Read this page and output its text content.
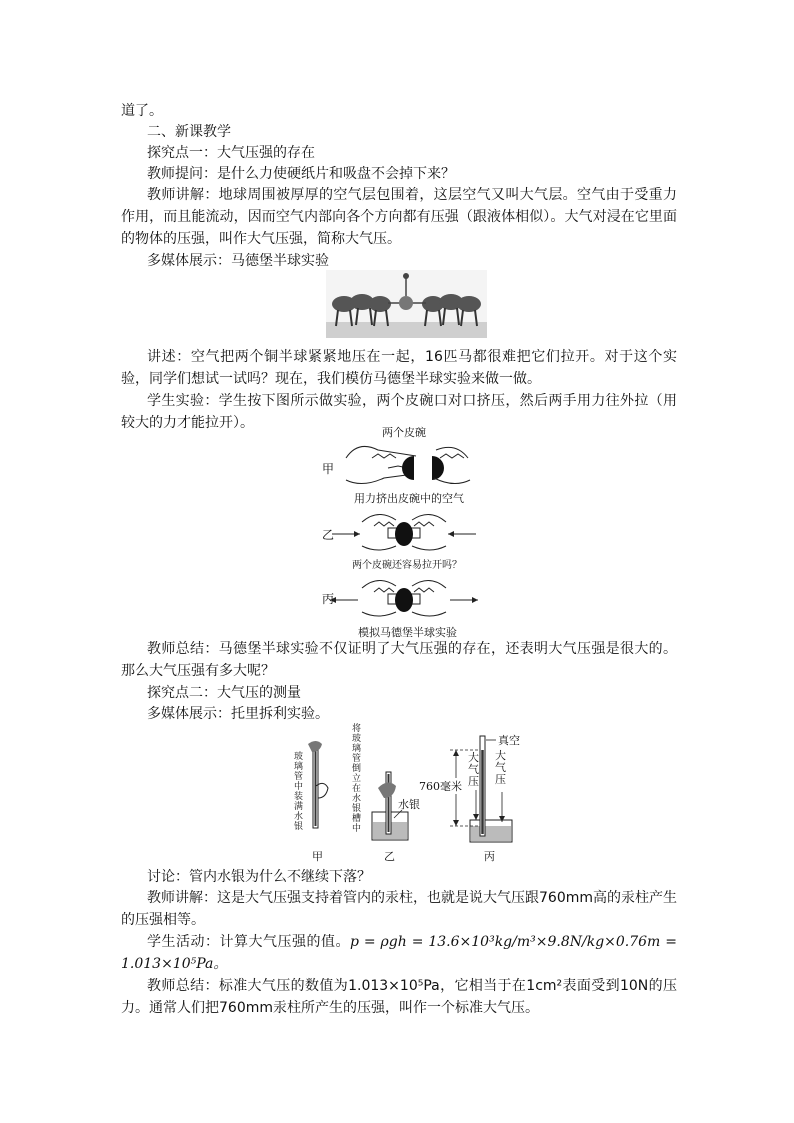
道了。

二、新课教学

探究点一：大气压强的存在

教师提问：是什么力使硬纸片和吸盘不会掉下来？

教师讲解：地球周围被厚厚的空气层包围着，这层空气又叫大气层。空气由于受重力作用，而且能流动，因而空气内部向各个方向都有压强（跟液体相似）。大气对浸在它里面的物体的压强，叫作大气压强，简称大气压。

多媒体展示：马德堡半球实验

讲述：空气把两个铜半球紧紧地压在一起，16匹马都很难把它们拉开。对于这个实验，同学们想试一试吗？现在，我们模仿马德堡半球实验来做一做。

学生实验：学生按下图所示做实验，两个皮碗口对口挤压，然后两手用力往外拉（用较大的力才能拉开）。

两个皮碗
甲
用力挤出皮碗中的空气
乙
两个皮碗还容易拉开吗？
丙
模拟马德堡半球实验

教师总结：马德堡半球实验不仅证明了大气压强的存在，还表明大气压强是很大的。那么大气压强有多大呢？

探究点二：大气压的测量

多媒体展示：托里拆利实验。

玻璃管中装满水银
将玻璃管倒立在水银槽中
水银
真空
760毫米
大气压
大气压
甲	乙	丙

讨论：管内水银为什么不继续下落？

教师讲解：这是大气压强支持着管内的汞柱，也就是说大气压跟760mm高的汞柱产生的压强相等。

学生活动：计算大气压强的值。p = ρgh = 13.6×10³kg/m³×9.8N/kg×0.76m = 1.013×10⁵Pa。

教师总结：标准大气压的数值为1.013×10⁵Pa，它相当于在1cm²表面受到10N的压力。通常人们把760mm汞柱所产生的压强，叫作一个标准大气压。
